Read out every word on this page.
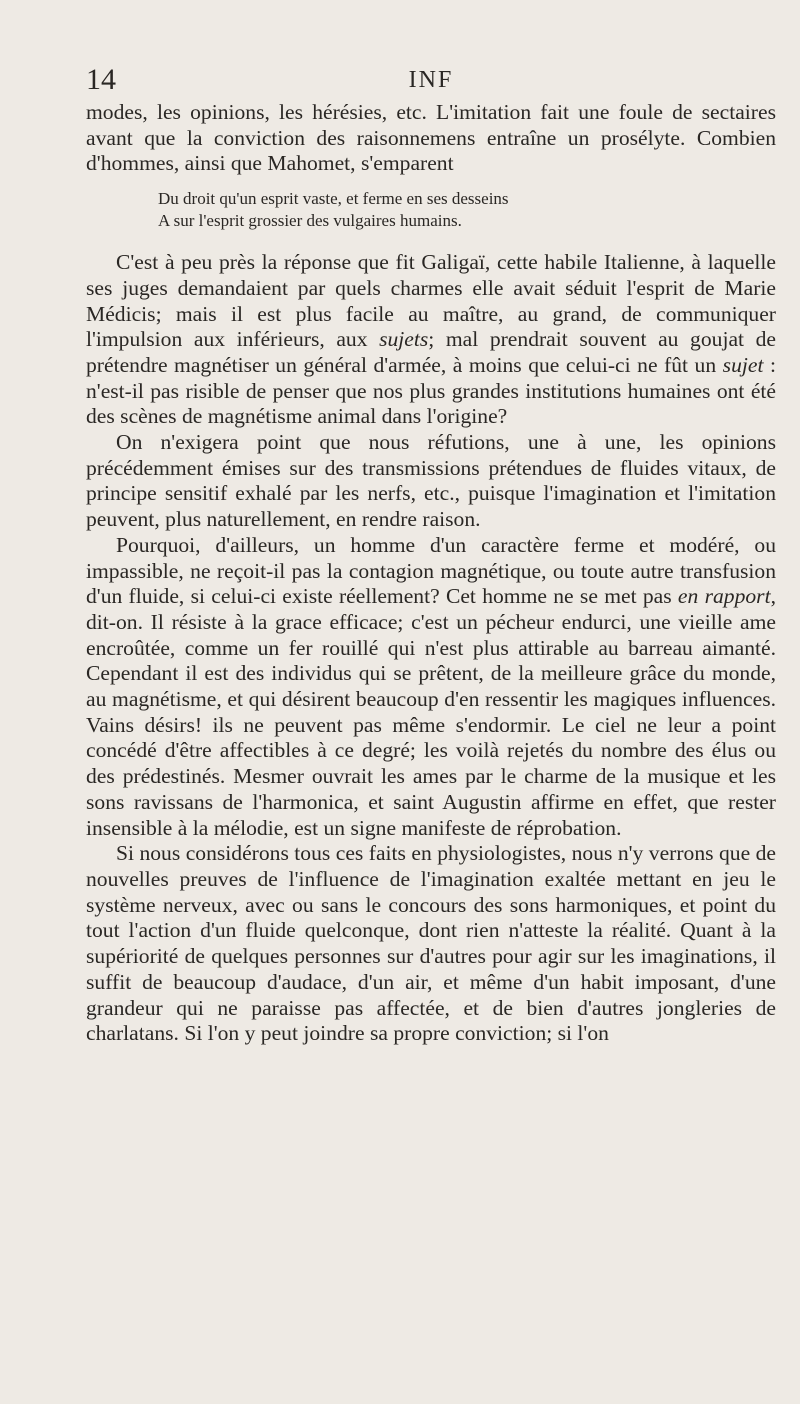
14	INF

modes, les opinions, les hérésies, etc. L'imitation fait une foule de sectaires avant que la conviction des raisonnemens entraîne un prosélyte. Combien d'hommes, ainsi que Mahomet, s'emparent

Du droit qu'un esprit vaste, et ferme en ses desseins
A sur l'esprit grossier des vulgaires humains.

C'est à peu près la réponse que fit Galigaï, cette habile Italienne, à laquelle ses juges demandaient par quels charmes elle avait séduit l'esprit de Marie Médicis; mais il est plus facile au maître, au grand, de communiquer l'impulsion aux inférieurs, aux sujets; mal prendrait souvent au goujat de prétendre magnétiser un général d'armée, à moins que celui-ci ne fût un sujet : n'est-il pas risible de penser que nos plus grandes institutions humaines ont été des scènes de magnétisme animal dans l'origine?

On n'exigera point que nous réfutions, une à une, les opinions précédemment émises sur des transmissions prétendues de fluides vitaux, de principe sensitif exhalé par les nerfs, etc., puisque l'imagination et l'imitation peuvent, plus naturellement, en rendre raison.

Pourquoi, d'ailleurs, un homme d'un caractère ferme et modéré, ou impassible, ne reçoit-il pas la contagion magnétique, ou toute autre transfusion d'un fluide, si celui-ci existe réellement? Cet homme ne se met pas en rapport, dit-on. Il résiste à la grace efficace; c'est un pécheur endurci, une vieille ame encroûtée, comme un fer rouillé qui n'est plus attirable au barreau aimanté. Cependant il est des individus qui se prêtent, de la meilleure grâce du monde, au magnétisme, et qui désirent beaucoup d'en ressentir les magiques influences. Vains désirs! ils ne peuvent pas même s'endormir. Le ciel ne leur a point concédé d'être affectibles à ce degré; les voilà rejetés du nombre des élus ou des prédestinés. Mesmer ouvrait les ames par le charme de la musique et les sons ravissans de l'harmonica, et saint Augustin affirme en effet, que rester insensible à la mélodie, est un signe manifeste de réprobation.

Si nous considérons tous ces faits en physiologistes, nous n'y verrons que de nouvelles preuves de l'influence de l'imagination exaltée mettant en jeu le système nerveux, avec ou sans le concours des sons harmoniques, et point du tout l'action d'un fluide quelconque, dont rien n'atteste la réalité. Quant à la supériorité de quelques personnes sur d'autres pour agir sur les imaginations, il suffit de beaucoup d'audace, d'un air, et même d'un habit imposant, d'une grandeur qui ne paraisse pas affectée, et de bien d'autres jongleries de charlatans. Si l'on y peut joindre sa propre conviction; si l'on
